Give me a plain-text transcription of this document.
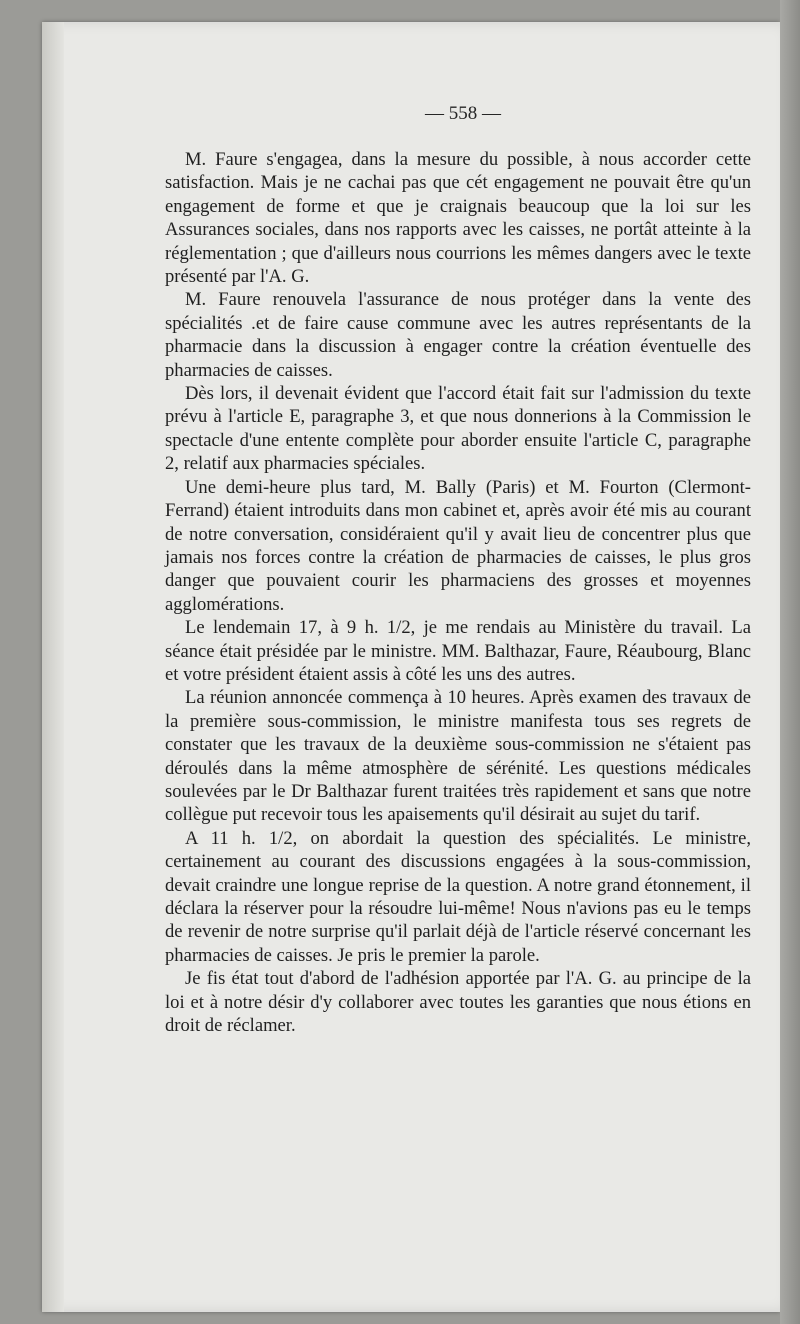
— 558 —

M. Faure s'engagea, dans la mesure du possible, à nous accorder cette satisfaction. Mais je ne cachai pas que cét engagement ne pouvait être qu'un engagement de forme et que je craignais beaucoup que la loi sur les Assurances sociales, dans nos rapports avec les caisses, ne portât atteinte à la réglementation ; que d'ailleurs nous courrions les mêmes dangers avec le texte présenté par l'A. G.

M. Faure renouvela l'assurance de nous protéger dans la vente des spécialités .et de faire cause commune avec les autres représentants de la pharmacie dans la discussion à engager contre la création éventuelle des pharmacies de caisses.

Dès lors, il devenait évident que l'accord était fait sur l'admission du texte prévu à l'article E, paragraphe 3, et que nous donnerions à la Commission le spectacle d'une entente complète pour aborder ensuite l'article C, paragraphe 2, relatif aux pharmacies spéciales.

Une demi-heure plus tard, M. Bally (Paris) et M. Fourton (Clermont-Ferrand) étaient introduits dans mon cabinet et, après avoir été mis au courant de notre conversation, considéraient qu'il y avait lieu de concentrer plus que jamais nos forces contre la création de pharmacies de caisses, le plus gros danger que pouvaient courir les pharmaciens des grosses et moyennes agglomérations.

Le lendemain 17, à 9 h. 1/2, je me rendais au Ministère du travail. La séance était présidée par le ministre. MM. Balthazar, Faure, Réaubourg, Blanc et votre président étaient assis à côté les uns des autres.

La réunion annoncée commença à 10 heures. Après examen des travaux de la première sous-commission, le ministre manifesta tous ses regrets de constater que les travaux de la deuxième sous-commission ne s'étaient pas déroulés dans la même atmosphère de sérénité. Les questions médicales soulevées par le Dr Balthazar furent traitées très rapidement et sans que notre collègue put recevoir tous les apaisements qu'il désirait au sujet du tarif.

A 11 h. 1/2, on abordait la question des spécialités. Le ministre, certainement au courant des discussions engagées à la sous-commission, devait craindre une longue reprise de la question. A notre grand étonnement, il déclara la réserver pour la résoudre lui-même! Nous n'avions pas eu le temps de revenir de notre surprise qu'il parlait déjà de l'article réservé concernant les pharmacies de caisses. Je pris le premier la parole.

Je fis état tout d'abord de l'adhésion apportée par l'A. G. au principe de la loi et à notre désir d'y collaborer avec toutes les garanties que nous étions en droit de réclamer.
